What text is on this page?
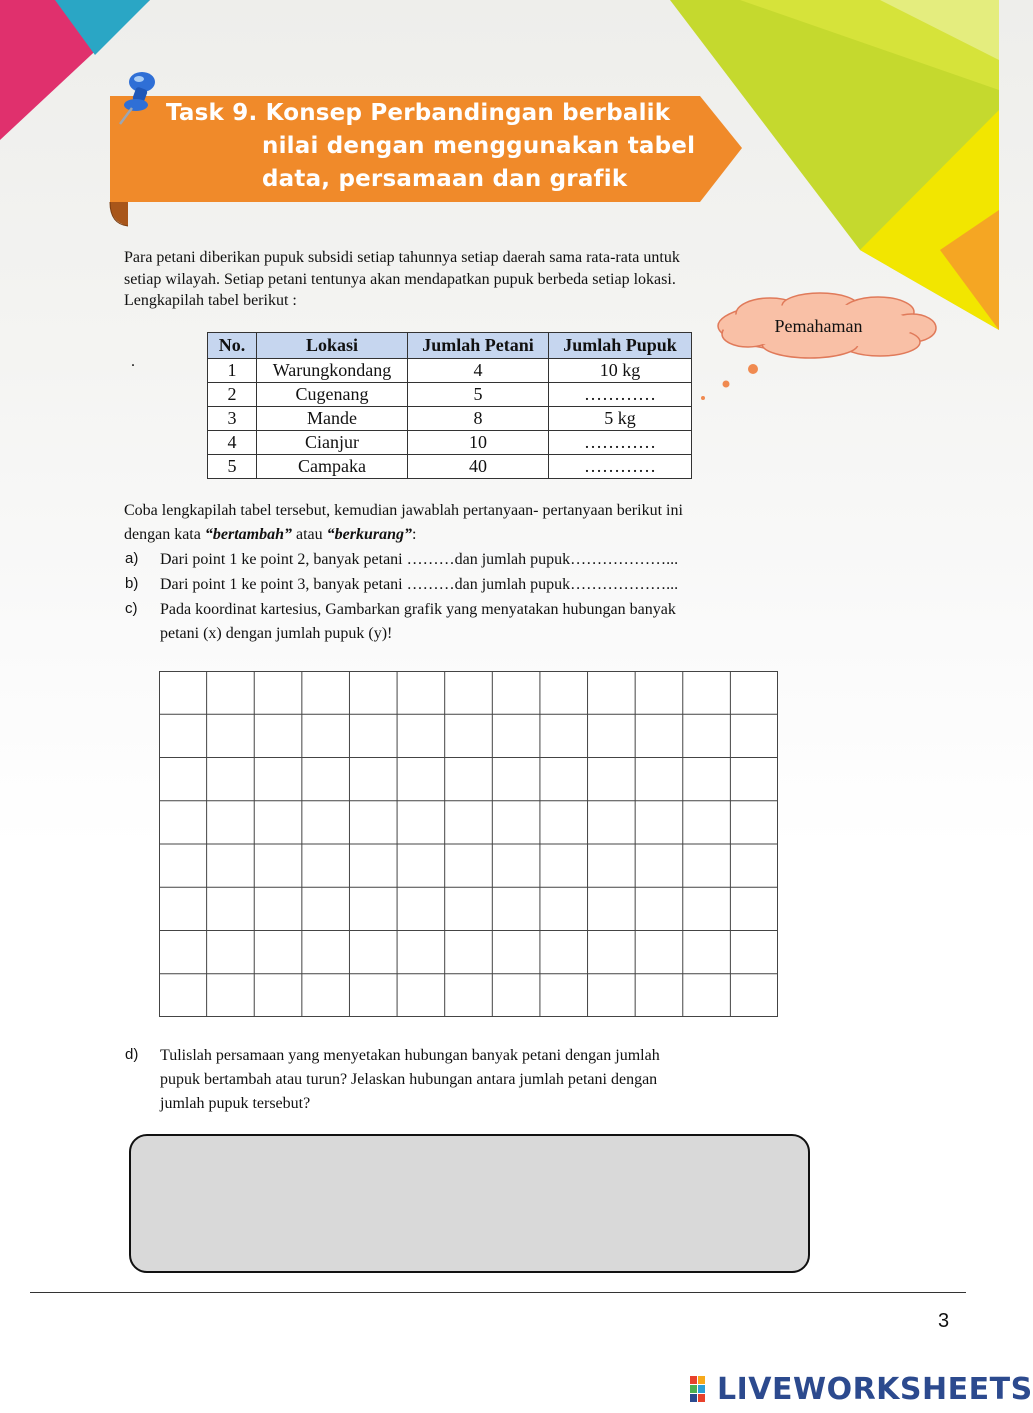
Task 9. Konsep Perbandingan berbalik
nilai dengan menggunakan tabel
data, persamaan dan grafik
Para petani diberikan pupuk subsidi setiap tahunnya setiap daerah sama rata-rata untuk
setiap wilayah. Setiap petani tentunya akan mendapatkan pupuk berbeda setiap lokasi.
Lengkapilah tabel berikut :
.
No.	Lokasi	Jumlah Petani	Jumlah Pupuk
1	Warungkondang	4	10 kg
2	Cugenang	5	…………
3	Mande	8	5 kg
4	Cianjur	10	…………
5	Campaka	40	…………
Pemahaman
Coba lengkapilah tabel tersebut, kemudian jawablah pertanyaan- pertanyaan berikut ini
dengan kata “bertambah” atau “berkurang”:
a) Dari point 1 ke point 2, banyak petani ………dan jumlah pupuk………………...
b) Dari point 1 ke point 3, banyak petani ………dan jumlah pupuk………………...
c) Pada koordinat kartesius, Gambarkan grafik yang menyatakan hubungan banyak
petani (x) dengan jumlah pupuk (y)!
d) Tulislah persamaan yang menyetakan hubungan banyak petani dengan jumlah
pupuk bertambah atau turun? Jelaskan hubungan antara jumlah petani dengan
jumlah pupuk tersebut?
3
LIVEWORKSHEETS
